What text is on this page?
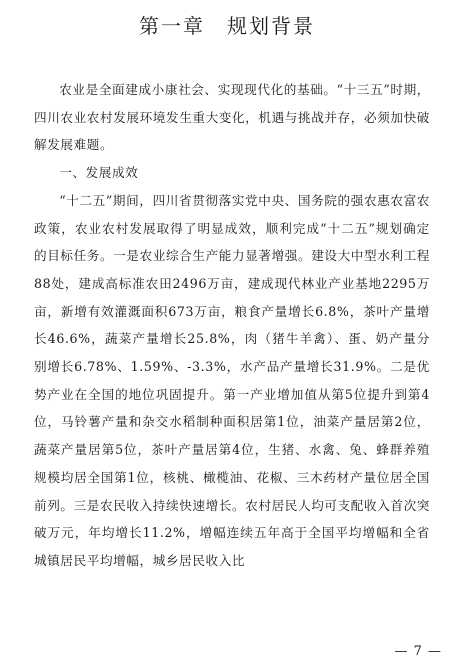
第一章　规划背景

农业是全面建成小康社会、实现现代化的基础。“十三五”时期，四川农业农村发展环境发生重大变化，机遇与挑战并存，必须加快破解发展难题。

一、发展成效

“十二五”期间，四川省贯彻落实党中央、国务院的强农惠农富农政策，农业农村发展取得了明显成效，顺利完成“十二五”规划确定的目标任务。一是农业综合生产能力显著增强。建设大中型水利工程88处，建成高标准农田2496万亩，建成现代林业产业基地2295万亩，新增有效灌溉面积673万亩，粮食产量增长6.8%，茶叶产量增长46.6%，蔬菜产量增长25.8%，肉（猪牛羊禽）、蛋、奶产量分别增长6.78%、1.59%、-3.3%，水产品产量增长31.9%。二是优势产业在全国的地位巩固提升。第一产业增加值从第5位提升到第4位，马铃薯产量和杂交水稻制种面积居第1位，油菜产量居第2位，蔬菜产量居第5位，茶叶产量居第4位，生猪、水禽、兔、蜂群养殖规模均居全国第1位，核桃、橄榄油、花椒、三木药材产量位居全国前列。三是农民收入持续快速增长。农村居民人均可支配收入首次突破万元，年均增长11.2%，增幅连续五年高于全国平均增幅和全省城镇居民平均增幅，城乡居民收入比

— 7 —
